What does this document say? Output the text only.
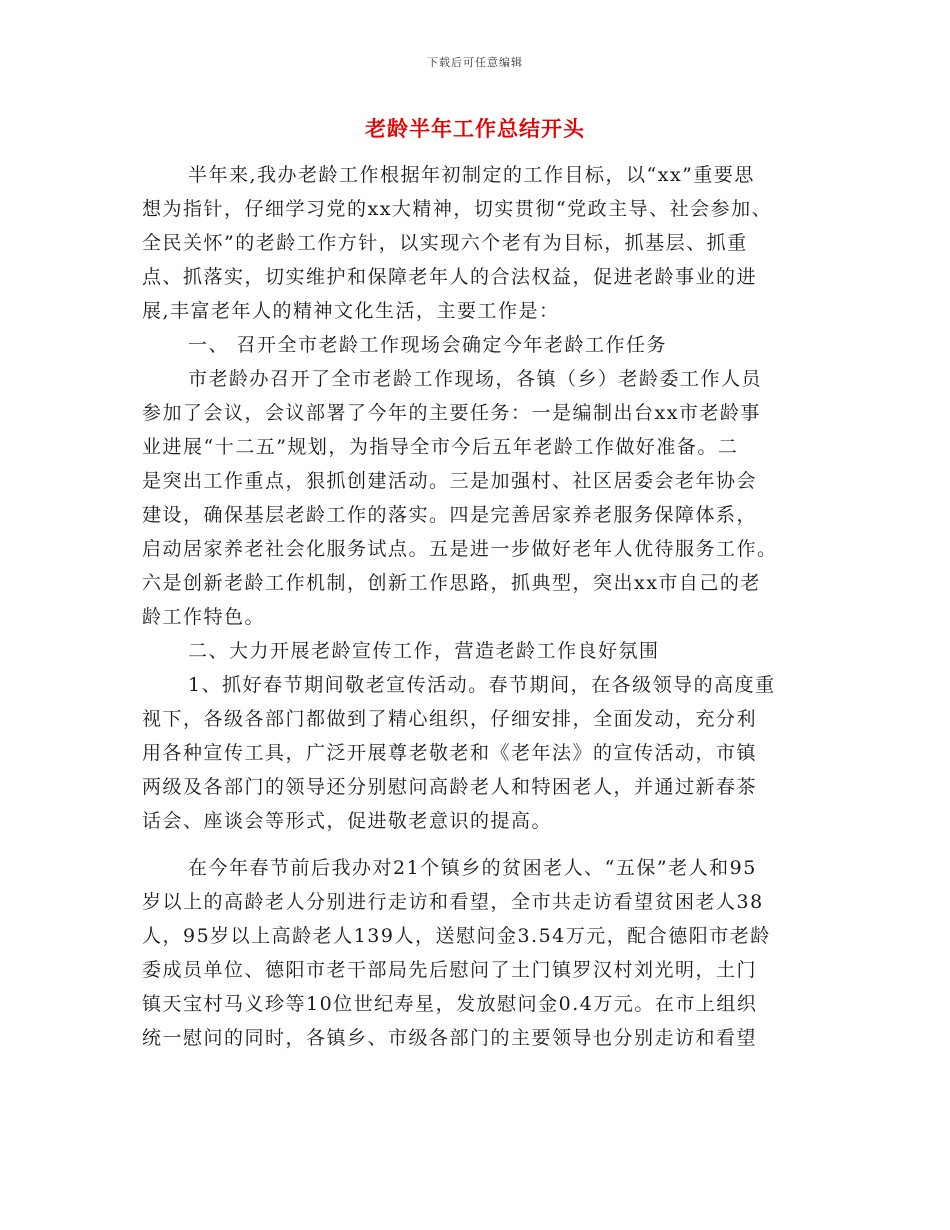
下载后可任意编辑
老龄半年工作总结开头
半年来,我办老龄工作根据年初制定的工作目标，以“xx”重要思
想为指针，仔细学习党的xx大精神，切实贯彻“党政主导、社会参加、
全民关怀”的老龄工作方针，以实现六个老有为目标，抓基层、抓重
点、抓落实，切实维护和保障老年人的合法权益，促进老龄事业的进
展,丰富老年人的精神文化生活，主要工作是：
一、 召开全市老龄工作现场会确定今年老龄工作任务
市老龄办召开了全市老龄工作现场，各镇（乡）老龄委工作人员
参加了会议，会议部署了今年的主要任务：一是编制出台xx市老龄事
业进展“十二五”规划，为指导全市今后五年老龄工作做好准备。二
是突出工作重点，狠抓创建活动。三是加强村、社区居委会老年协会
建设，确保基层老龄工作的落实。四是完善居家养老服务保障体系，
启动居家养老社会化服务试点。五是进一步做好老年人优待服务工作。
六是创新老龄工作机制，创新工作思路，抓典型，突出xx市自己的老
龄工作特色。
二、大力开展老龄宣传工作，营造老龄工作良好氛围
1、抓好春节期间敬老宣传活动。春节期间，在各级领导的高度重
视下，各级各部门都做到了精心组织，仔细安排，全面发动，充分利
用各种宣传工具，广泛开展尊老敬老和《老年法》的宣传活动，市镇
两级及各部门的领导还分别慰问高龄老人和特困老人，并通过新春茶
话会、座谈会等形式，促进敬老意识的提高。
在今年春节前后我办对21个镇乡的贫困老人、“五保”老人和95
岁以上的高龄老人分别进行走访和看望，全市共走访看望贫困老人38
人，95岁以上高龄老人139人，送慰问金3.54万元，配合德阳市老龄
委成员单位、德阳市老干部局先后慰问了土门镇罗汉村刘光明，土门
镇天宝村马义珍等10位世纪寿星，发放慰问金0.4万元。在市上组织
统一慰问的同时，各镇乡、市级各部门的主要领导也分别走访和看望
